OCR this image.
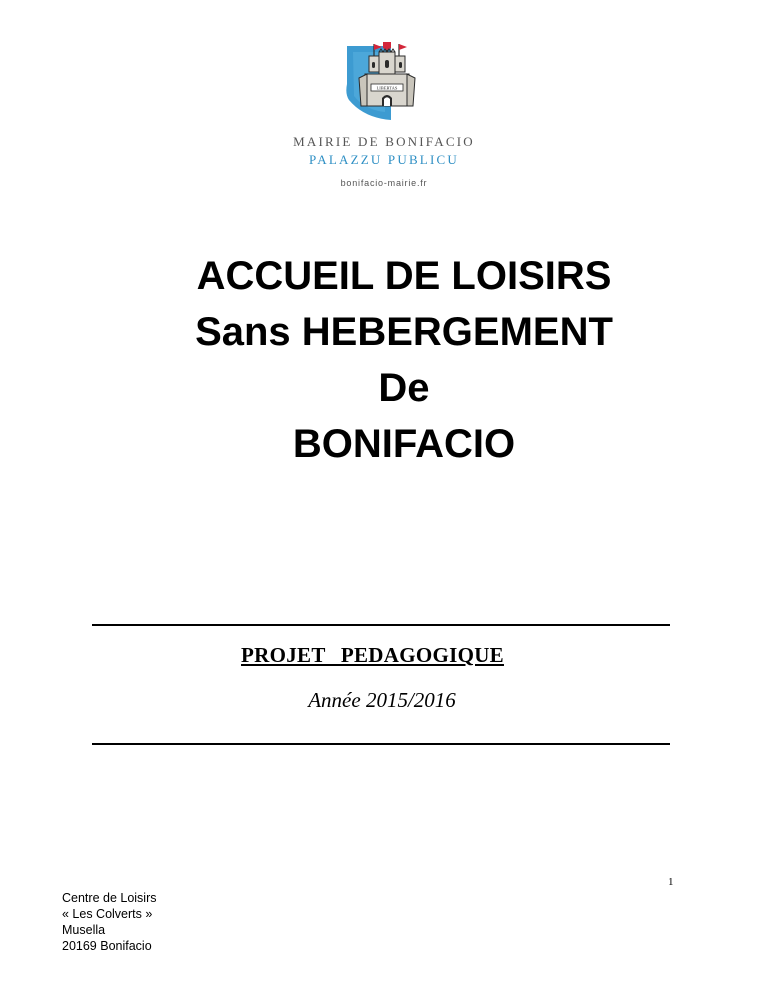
LIBERTAS
MAIRIE DE BONIFACIO
PALAZZU PUBLICU
bonifacio-mairie.fr
ACCUEIL DE LOISIRS
Sans HEBERGEMENT
De
BONIFACIO
PROJET PEDAGOGIQUE
Année 2015/2016
1
Centre de Loisirs
« Les Colverts »
Musella
20169 Bonifacio
